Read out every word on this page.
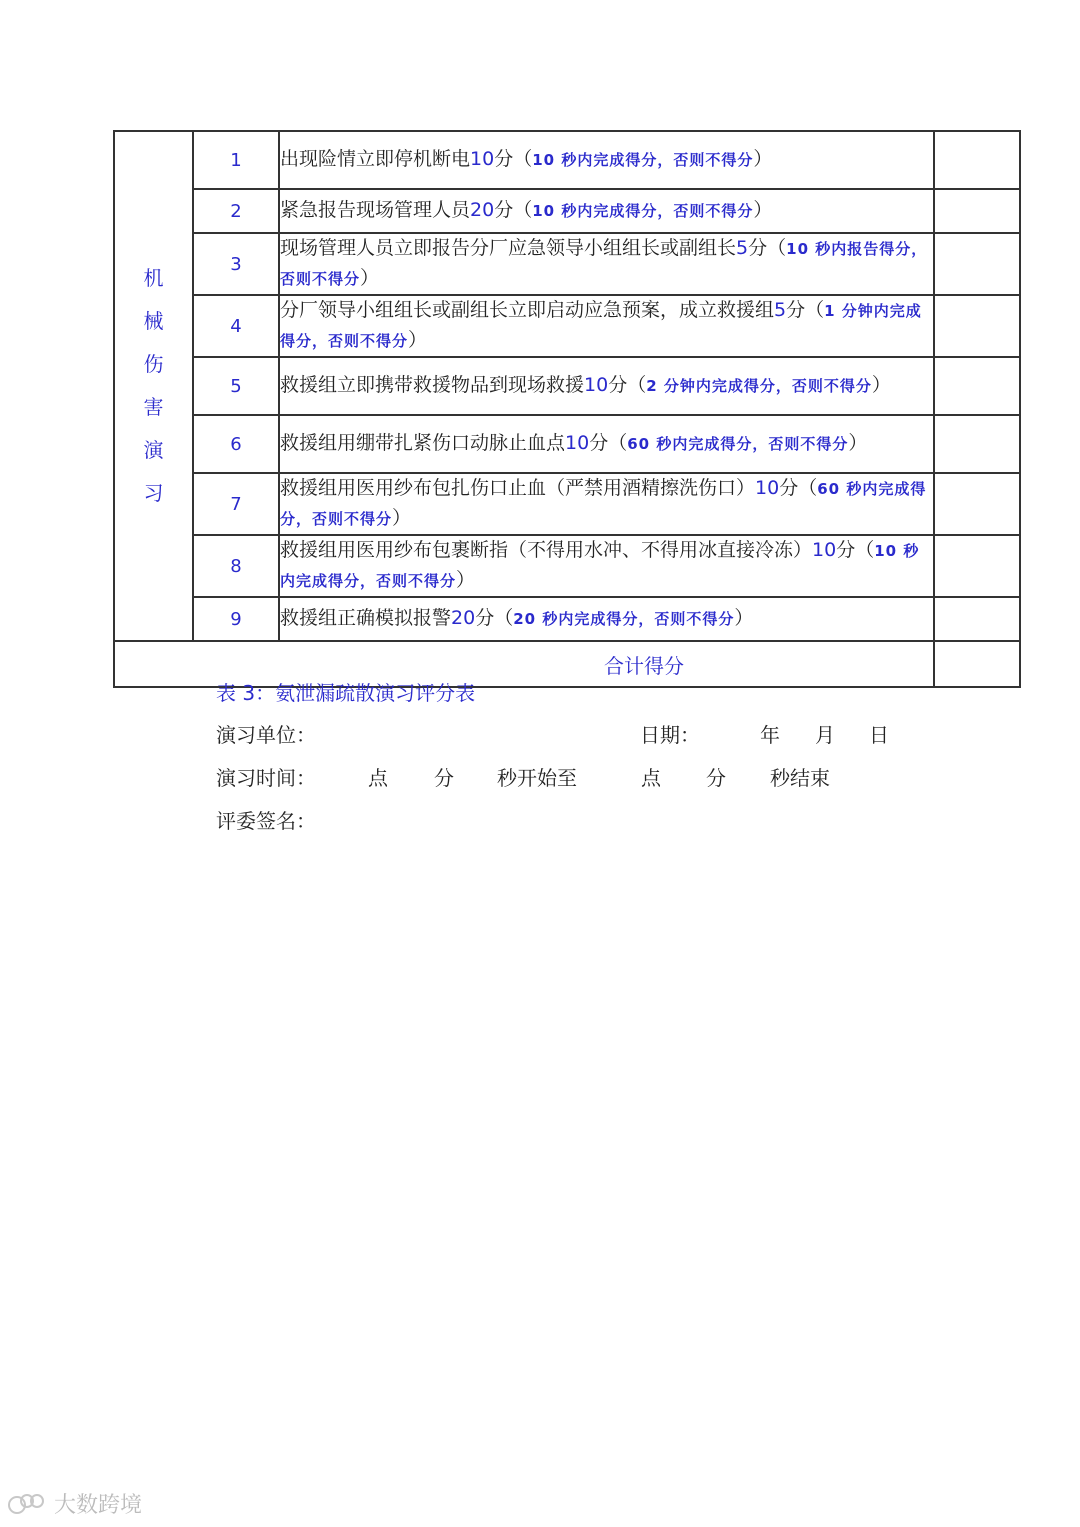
机 械
伤 害
演 习	1	出现险情立即停机断电10分（10 秒内完成得分，否则不得分）	
	2	紧急报告现场管理人员20分（10 秒内完成得分，否则不得分）	
	3	现场管理人员立即报告分厂应急领导小组组长或副组长5分（10 秒内报告得分，否则不得分）	
	4	分厂领导小组组长或副组长立即启动应急预案，成立救援组5分（1 分钟内完成得分，否则不得分）	
	5	救援组立即携带救援物品到现场救援10分（2 分钟内完成得分，否则不得分）	
	6	救援组用绷带扎紧伤口动脉止血点10分（60 秒内完成得分，否则不得分）	
	7	救援组用医用纱布包扎伤口止血（严禁用酒精擦洗伤口）10分（60 秒内完成得分，否则不得分）	
	8	救援组用医用纱布包裹断指（不得用水冲、不得用冰直接冷冻）10分（10 秒内完成得分，否则不得分）	
	9	救援组正确模拟报警20分（20 秒内完成得分，否则不得分）	
合计得分			
表 3：氨泄漏疏散演习评分表
演习单位：	日期：	年 月 日
演习时间：	点 分 秒开始至	点 分 秒结束
评委签名：
大数跨境
